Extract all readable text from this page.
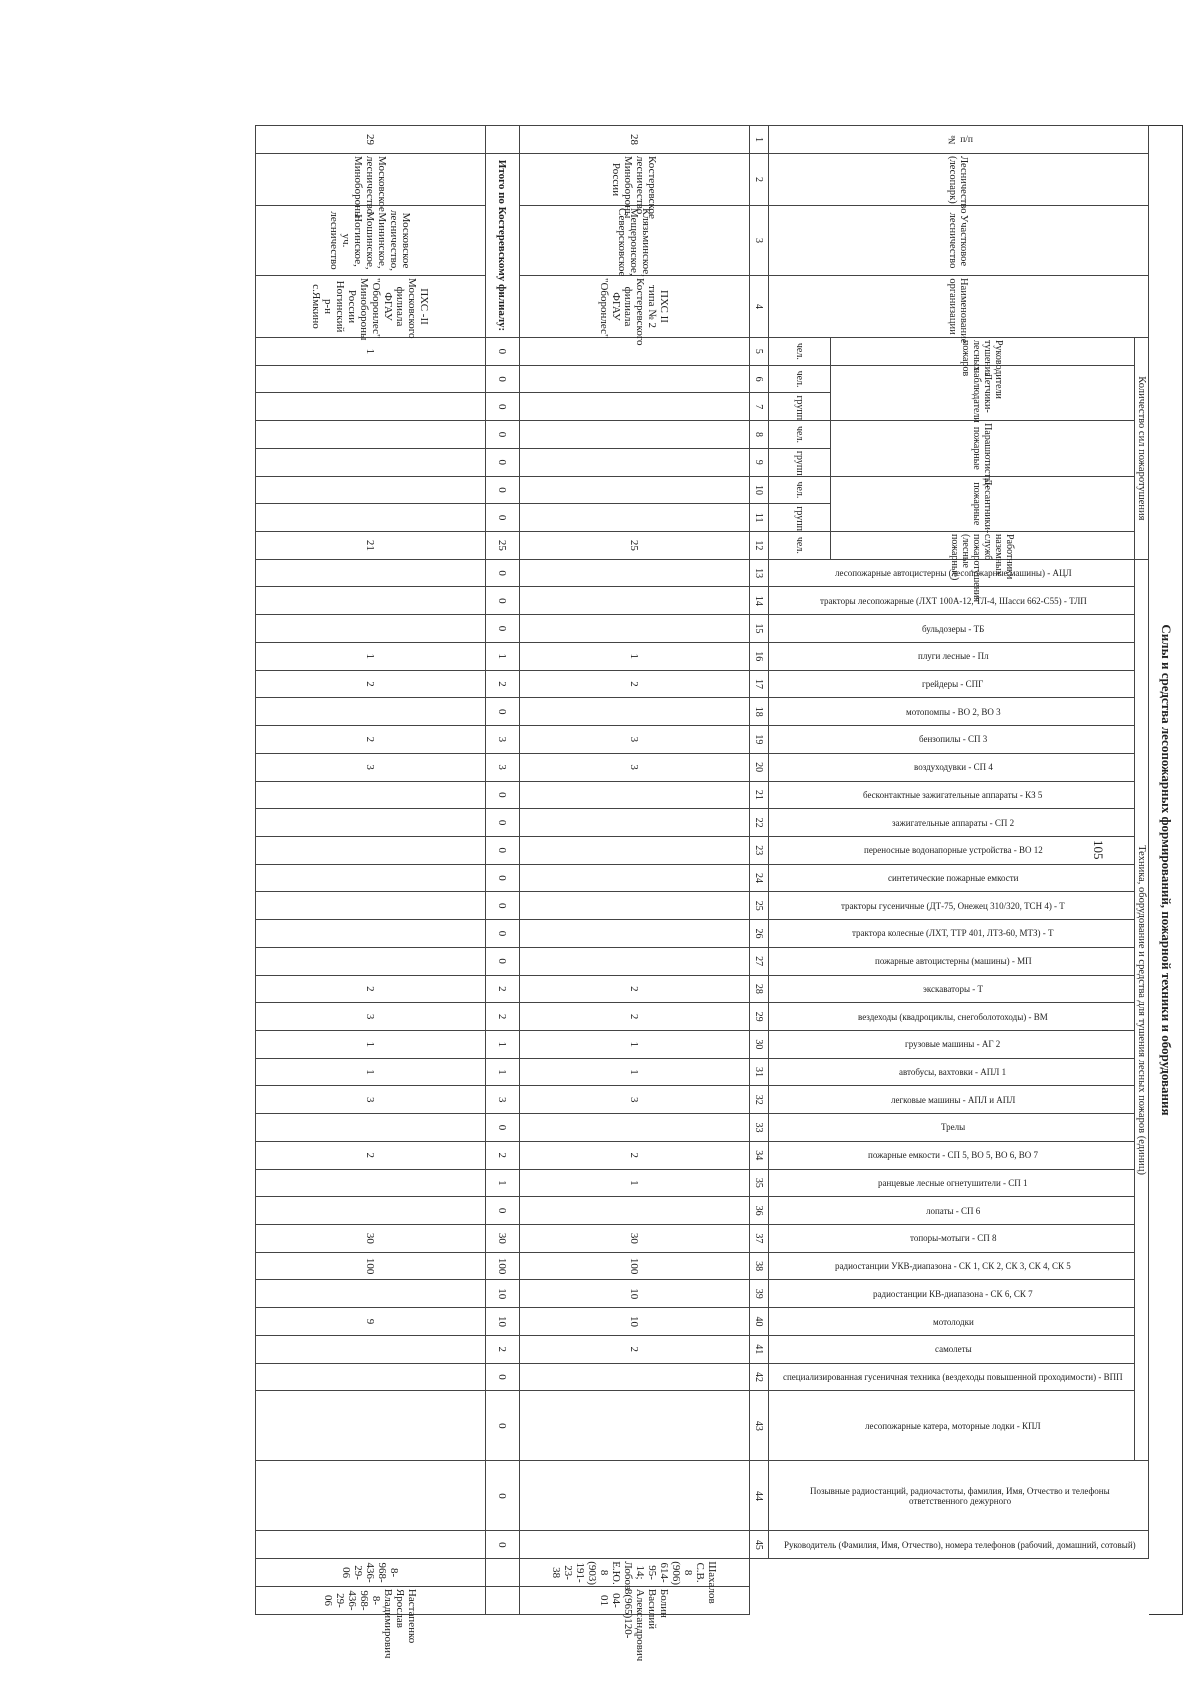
105	Силы и средства лесопожарных формирований, пожарной техники и оборудования
№ п/п	Лесничество (лесопарк)	Участковое лесничество	Наименование организации	Количество сил пожаротушения								Техника, оборудование и средства для тушения лесных пожаров (единиц)																															Позывные радиостанций, радиочастоты, фамилия, Имя, Отчество и телефоны ответственного дежурного	Руководитель (Фамилия, Имя, Отчество), номера телефонов (рабочий, домашний, сотовый)		
				Руководители тушения лесных пожаров	Летчики-наблюдатели		Парашютисты-пожарные		Десантники-пожарные		Работники наземных служб пожаротушения (лесные пожарные)	лесопожарные автоцистерны (лесопожарные машины) - АЦЛ	тракторы лесопожарные (ЛХТ 100А-12, ТЛ-4, Шасси 662-С55) - ТЛП	бульдозеры - ТБ	плуги лесные - Пл	грейдеры - СПГ	мотопомпы - ВО 2, ВО 3	бензопилы - СП 3	воздуходувки - СП 4	бесконтактные зажигательные аппараты - КЗ 5	зажигательные аппараты - СП 2	переносные водонапорные устройства - ВО 12	синтетические пожарные емкости	тракторы гусеничные (ДТ-75, Онежец 310/320, ТСН 4) - Т	трактора колесные (ЛХТ, ТТР 401, ЛТЗ-60, МТЗ) - Т	пожарные автоцистерны (машины) - МП	экскаваторы - Т	вездеходы (квадроциклы, снегоболотоходы) - ВМ	грузовые машины - АГ 2	автобусы, вахтовки - АПЛ 1	легковые машины - АПЛ и АПЛ	Трелы	пожарные емкости - СП 5, ВО 5, ВО 6, ВО 7	ранцевые лесные огнетушители - СП 1	лопаты - СП 6	топоры-мотыги - СП 8	радиостанции УКВ-диапазона - СК 1, СК 2, СК 3, СК 4, СК 5	радиостанции КВ-диапазона - СК 6, СК 7	мотолодки	самолеты	специализированная гусеничная техника (вездеходы повышенной проходимости) - ВПП	лесопожарные катера, моторные лодки - КПЛ				
				чел.	чел.	групп	чел.	групп	чел.	групп	чел.																																			
1	2	3	4	5	6	7	8	9	10	11	12	13	14	15	16	17	18	19	20	21	22	23	24	25	26	27	28	29	30	31	32	33	34	35	36	37	38	39	40	41	42	43	44	45		
28	Костеревское лесничество Минобороны России	Клязьминское, Мещеронское, Северсковское	ПХС II типа № 2 Костеревского филиала ФГАУ "Оборонлес"								25				1	2		3	3								2	2	1	1	3		2	1		30	100	10	10	2					Шахалов С.В. 8 (906) 614-95-14; Лобов Е.Ю. 8 (903) 191-23-38	Болин Василий Александрович 8(965)120-04-01
	Итого по Костеревскому филиалу:			0	0	0	0	0	0	0	25	0	0	0	1	2	0	3	3	0	0	0	0	0	0	0	2	2	1	1	3	0	2	1	0	30	100	10	10	2	0	0	0	0		
29	Московское лесничество Минобороны	Московское лесничество, Мининское, Мошинское, Ногинское, уч. лесничество	ПХС -II Московского филиала ФГАУ "Оборонлес" Минобороны России Ногинский р-н с.Ямкино	1							21				1	2		2	3								2	3	1	1	3		2			30	100		9						8-968-436-29-06	Настапенко Ярослав Владимирович 8-968-436-29-06
